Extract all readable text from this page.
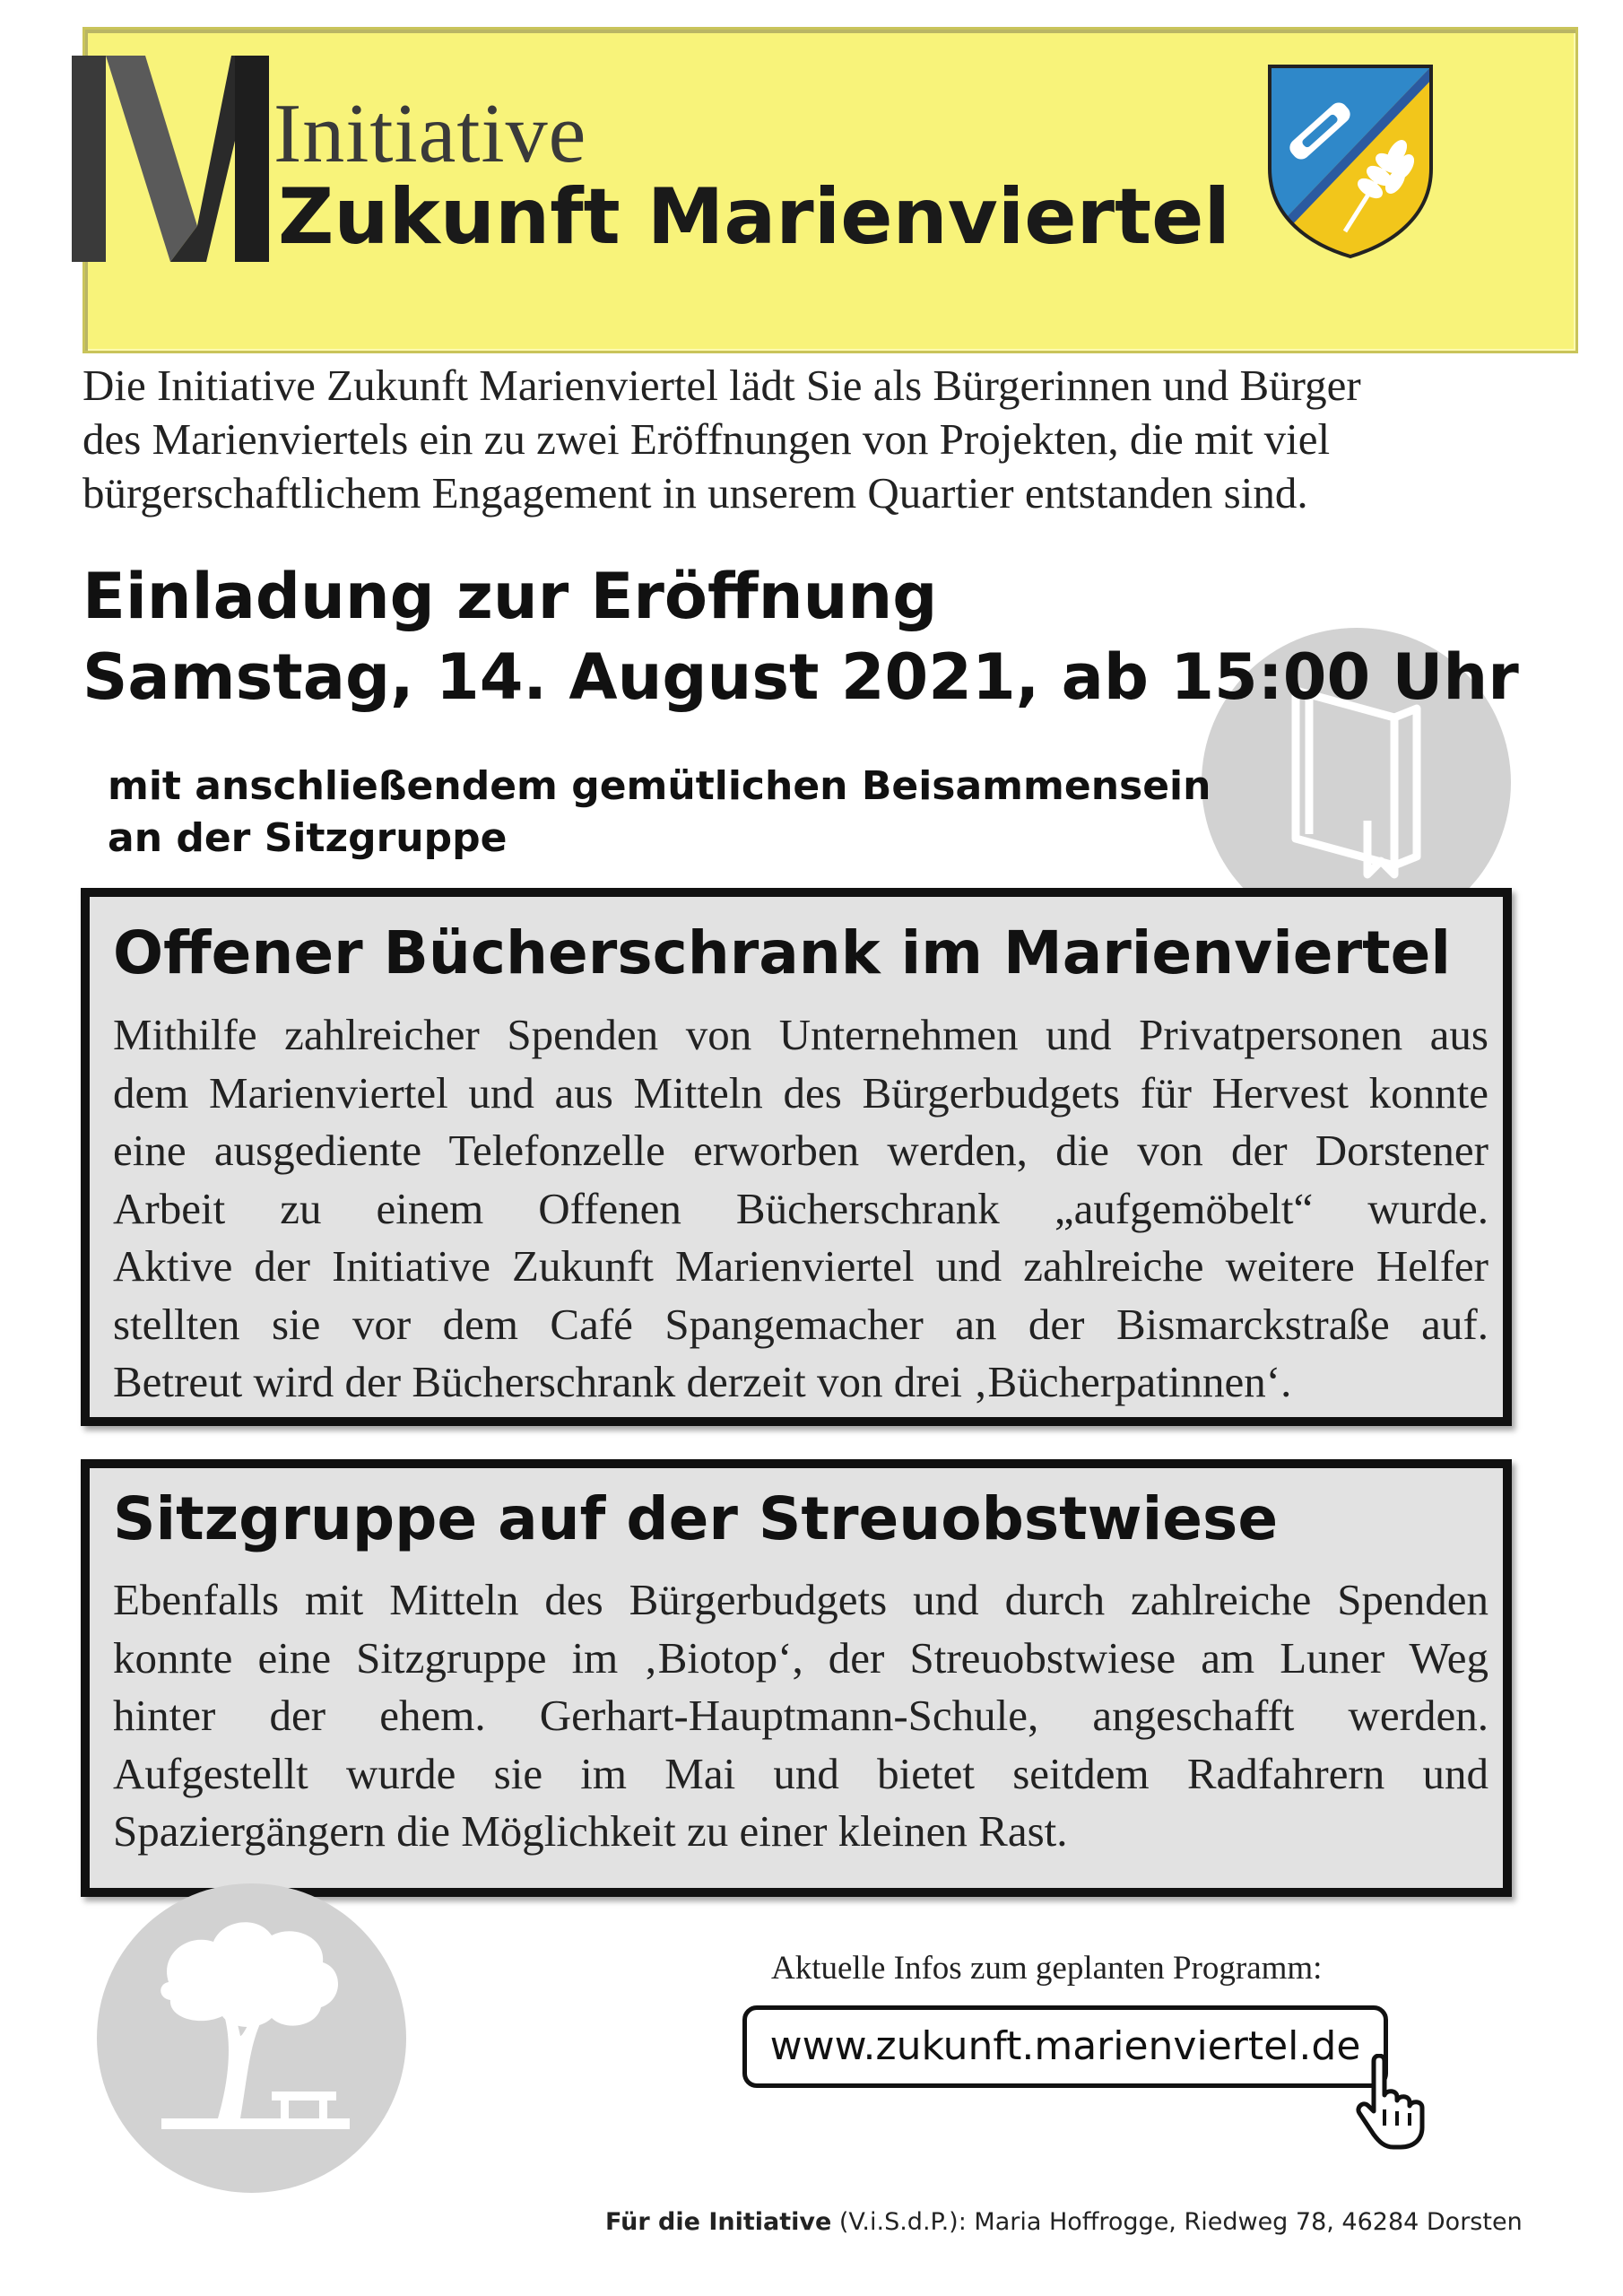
Initiative
Zukunft Marienviertel
Die Initiative Zukunft Marienviertel lädt Sie als Bürgerinnen und Bürger
des Marienviertels ein zu zwei Eröffnungen von Projekten, die mit viel
bürgerschaftlichem Engagement in unserem Quartier entstanden sind.
Einladung zur Eröffnung
Samstag, 14. August 2021, ab 15:00 Uhr
mit anschließendem gemütlichen Beisammensein
an der Sitzgruppe
Offener Bücherschrank im Marienviertel
Mithilfe zahlreicher Spenden von Unternehmen und Privatpersonen aus
dem Marienviertel und aus Mitteln des Bürgerbudgets für Hervest konnte
eine ausgediente Telefonzelle erworben werden, die von der Dorstener
Arbeit zu einem Offenen Bücherschrank „aufgemöbelt“ wurde.
Aktive der Initiative Zukunft Marienviertel und zahlreiche weitere Helfer
stellten sie vor dem Café Spangemacher an der Bismarckstraße auf.
Betreut wird der Bücherschrank derzeit von drei ‚Bücherpatinnen‘.
Sitzgruppe auf der Streuobstwiese
Ebenfalls mit Mitteln des Bürgerbudgets und durch zahlreiche Spenden
konnte eine Sitzgruppe im ‚Biotop‘, der Streuobstwiese am Luner Weg
hinter der ehem. Gerhart-Hauptmann-Schule, angeschafft werden.
Aufgestellt wurde sie im Mai und bietet seitdem Radfahrern und
Spaziergängern die Möglichkeit zu einer kleinen Rast.
Aktuelle Infos zum geplanten Programm:
www.zukunft.marienviertel.de
Für die Initiative (V.i.S.d.P.): Maria Hoffrogge, Riedweg 78, 46284 Dorsten
